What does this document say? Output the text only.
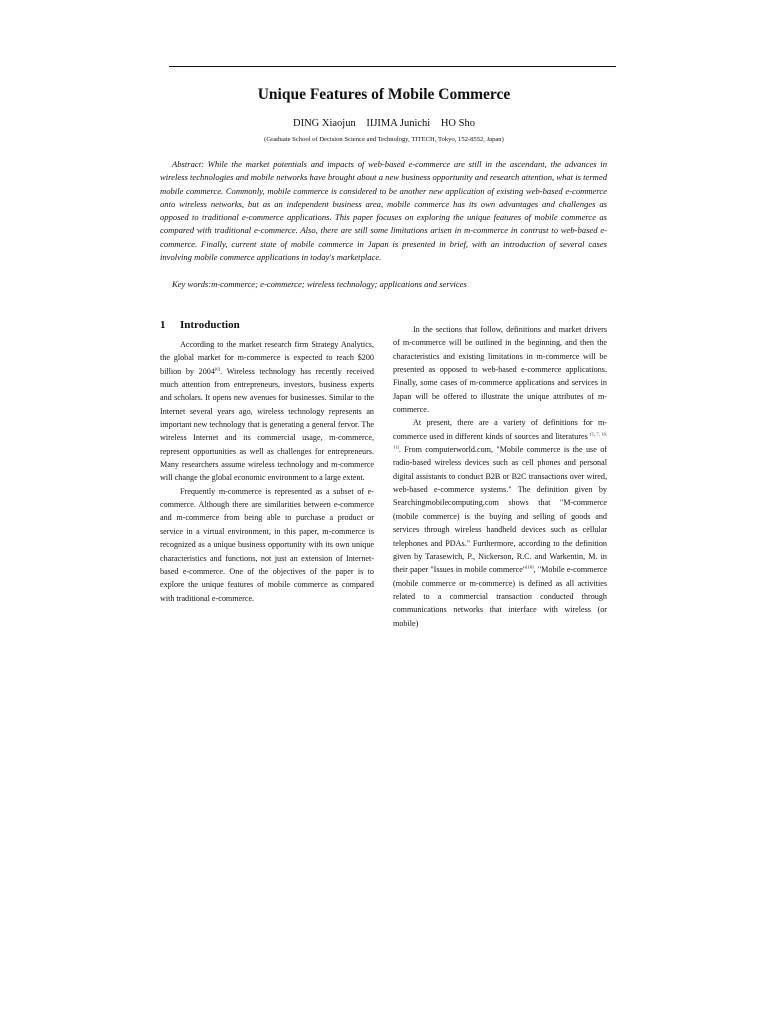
Unique Features of Mobile Commerce
DING Xiaojun IIJIMA Junichi HO Sho
(Graduate School of Decision Science and Technology, TITECH, Tokyo, 152-8552, Japan)

Abstract: While the market potentials and impacts of web-based e-commerce are still in the ascendant, the advances in wireless technologies and mobile networks have brought about a new business opportunity and research attention, what is termed mobile commerce. Commonly, mobile commerce is considered to be another new application of existing web-based e-commerce onto wireless networks, but as an independent business area, mobile commerce has its own advantages and challenges as opposed to traditional e-commerce applications. This paper focuses on exploring the unique features of mobile commerce as compared with traditional e-commerce. Also, there are still some limitations arisen in m-commerce in contrast to web-based e-commerce. Finally, current state of mobile commerce in Japan is presented in brief, with an introduction of several cases involving mobile commerce applications in today's marketplace.

Key words:m-commerce; e-commerce; wireless technology; applications and services

1 Introduction

According to the market research firm Strategy Analytics, the global market for m-commerce is expected to reach $200 billion by 2004[6]. Wireless technology has recently received much attention from entrepreneurs, investors, business experts and scholars. It opens new avenues for businesses. Similar to the Internet several years ago, wireless technology represents an important new technology that is generating a general fervor. The wireless Internet and its commercial usage, m-commerce, represent opportunities as well as challenges for entrepreneurs. Many researchers assume wireless technology and m-commerce will change the global economic environment to a large extent.

Frequently m-commerce is represented as a subset of e-commerce. Although there are similarities between e-commerce and m-commerce from being able to purchase a product or service in a virtual environment, in this paper, m-commerce is recognized as a unique business opportunity with its own unique characteristics and functions, not just an extension of Internet-based e-commerce. One of the objectives of the paper is to explore the unique features of mobile commerce as compared with traditional e-commerce.

In the sections that follow, definitions and market drivers of m-commerce will be outlined in the beginning, and then the characteristics and existing limitations in m-commerce will be presented as opposed to web-based e-commerce applications. Finally, some cases of m-commerce applications and services in Japan will be offered to illustrate the unique attributes of m-commerce.

At present, there are a variety of definitions for m-commerce used in different kinds of sources and literatures [1, 7, 10, 11]. From computerworld.com, "Mobile commerce is the use of radio-based wireless devices such as cell phones and personal digital assistants to conduct B2B or B2C transactions over wired, web-based e-commerce systems." The definition given by Searchingmobilecomputing.com shows that "M-commerce (mobile commerce) is the buying and selling of goods and services through wireless handheld devices such as cellular telephones and PDAs." Furthermore, according to the definition given by Tarasewich, P., Nickerson, R.C. and Warkentin, M. in their paper "Issues in mobile commerce"[10], "Mobile e-commerce (mobile commerce or m-commerce) is defined as all activities related to a commercial transaction conducted through communications networks that interface with wireless (or mobile)
